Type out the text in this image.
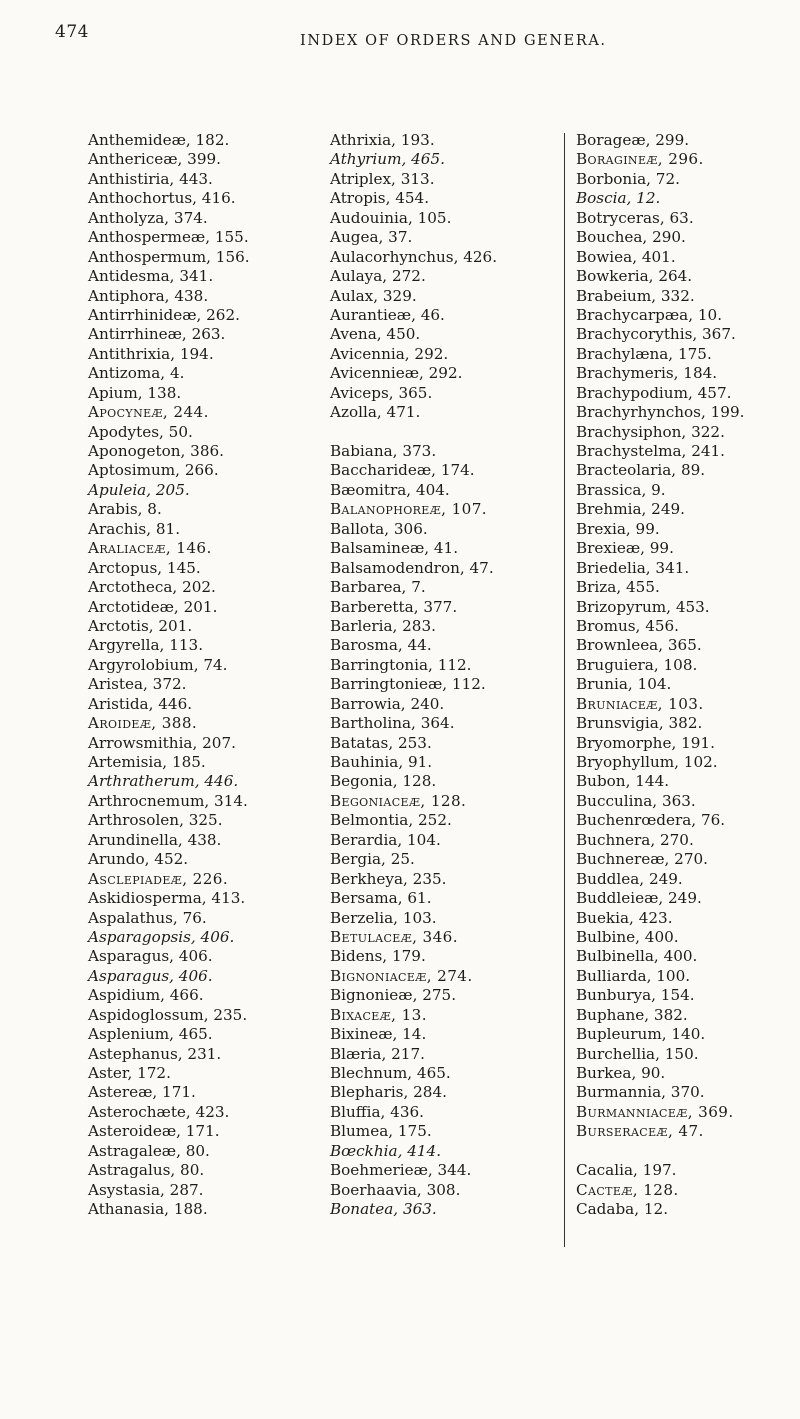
474	INDEX OF ORDERS AND GENERA.
Anthemideæ, 182.
Anthericeæ, 399.
Anthistiria, 443.
Anthochortus, 416.
Antholyza, 374.
Anthospermeæ, 155.
Anthospermum, 156.
Antidesma, 341.
Antiphora, 438.
Antirrhinideæ, 262.
Antirrhineæ, 263.
Antithrixia, 194.
Antizoma, 4.
Apium, 138.
Apocyneæ, 244.
Apodytes, 50.
Aponogeton, 386.
Aptosimum, 266.
Apuleia, 205.
Arabis, 8.
Arachis, 81.
Araliaceæ, 146.
Arctopus, 145.
Arctotheca, 202.
Arctotideæ, 201.
Arctotis, 201.
Argyrella, 113.
Argyrolobium, 74.
Aristea, 372.
Aristida, 446.
Aroideæ, 388.
Arrowsmithia, 207.
Artemisia, 185.
Arthratherum, 446.
Arthrocnemum, 314.
Arthrosolen, 325.
Arundinella, 438.
Arundo, 452.
Asclepiadeæ, 226.
Askidiosperma, 413.
Aspalathus, 76.
Asparagopsis, 406.
Asparagus, 406.
Asparagus, 406.
Aspidium, 466.
Aspidoglossum, 235.
Asplenium, 465.
Astephanus, 231.
Aster, 172.
Astereæ, 171.
Asterochæte, 423.
Asteroideæ, 171.
Astragaleæ, 80.
Astragalus, 80.
Asystasia, 287.
Athanasia, 188.
Athrixia, 193.
Athyrium, 465.
Atriplex, 313.
Atropis, 454.
Audouinia, 105.
Augea, 37.
Aulacorhynchus, 426.
Aulaya, 272.
Aulax, 329.
Aurantieæ, 46.
Avena, 450.
Avicennia, 292.
Avicennieæ, 292.
Aviceps, 365.
Azolla, 471.
Babiana, 373.
Baccharideæ, 174.
Bæomitra, 404.
Balanophoreæ, 107.
Ballota, 306.
Balsamineæ, 41.
Balsamodendron, 47.
Barbarea, 7.
Barberetta, 377.
Barleria, 283.
Barosma, 44.
Barringtonia, 112.
Barringtonieæ, 112.
Barrowia, 240.
Bartholina, 364.
Batatas, 253.
Bauhinia, 91.
Begonia, 128.
Begoniaceæ, 128.
Belmontia, 252.
Berardia, 104.
Bergia, 25.
Berkheya, 235.
Bersama, 61.
Berzelia, 103.
Betulaceæ, 346.
Bidens, 179.
Bignoniaceæ, 274.
Bignonieæ, 275.
Bixaceæ, 13.
Bixineæ, 14.
Blæria, 217.
Blechnum, 465.
Blepharis, 284.
Bluffia, 436.
Blumea, 175.
Bœckhia, 414.
Boehmerieæ, 344.
Boerhaavia, 308.
Bonatea, 363.
Borageæ, 299.
Boragineæ, 296.
Borbonia, 72.
Boscia, 12.
Botryceras, 63.
Bouchea, 290.
Bowiea, 401.
Bowkeria, 264.
Brabeium, 332.
Brachycarpæa, 10.
Brachycorythis, 367.
Brachylæna, 175.
Brachymeris, 184.
Brachypodium, 457.
Brachyrhynchos, 199.
Brachysiphon, 322.
Brachystelma, 241.
Bracteolaria, 89.
Brassica, 9.
Brehmia, 249.
Brexia, 99.
Brexieæ, 99.
Briedelia, 341.
Briza, 455.
Brizopyrum, 453.
Bromus, 456.
Brownleea, 365.
Bruguiera, 108.
Brunia, 104.
Bruniaceæ, 103.
Brunsvigia, 382.
Bryomorphe, 191.
Bryophyllum, 102.
Bubon, 144.
Bucculina, 363.
Buchenrœdera, 76.
Buchnera, 270.
Buchnereæ, 270.
Buddlea, 249.
Buddleieæ, 249.
Buekia, 423.
Bulbine, 400.
Bulbinella, 400.
Bulliarda, 100.
Bunburya, 154.
Buphane, 382.
Bupleurum, 140.
Burchellia, 150.
Burkea, 90.
Burmannia, 370.
Burmanniaceæ, 369.
Burseraceæ, 47.
Cacalia, 197.
Cacteæ, 128.
Cadaba, 12.
